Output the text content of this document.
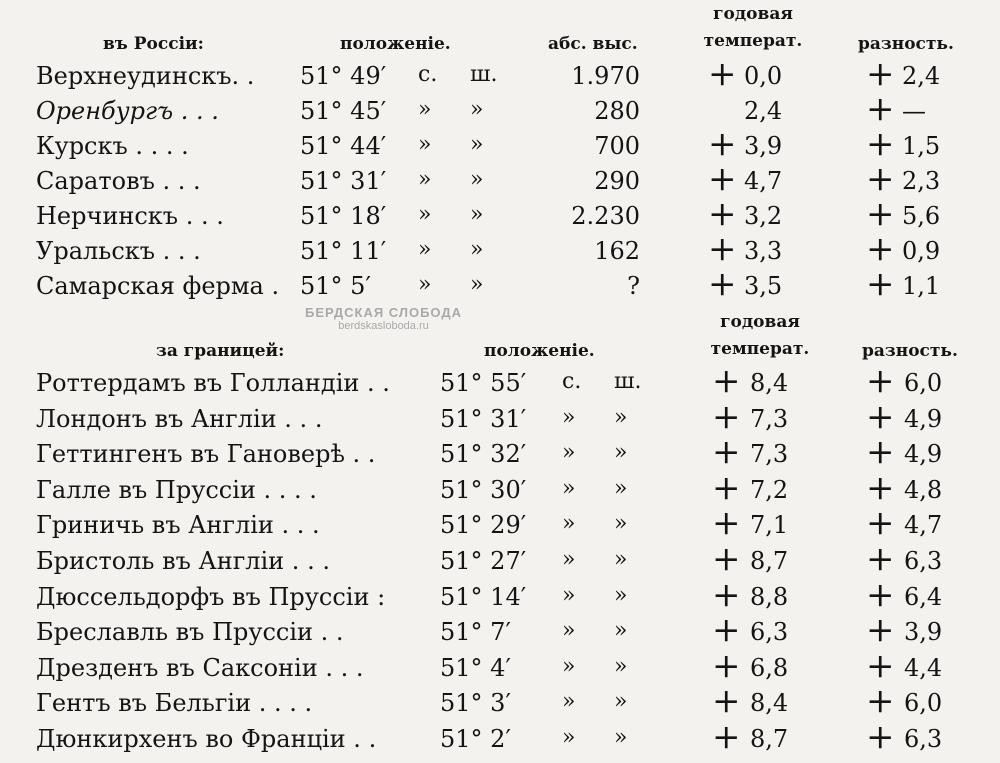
въ Россіи:	положеніе.	абс. выс.
годовая
температ.	разность.
Верхнеудинскъ. . 51° 49′ с. ш.	1.970 + 0,0 + 2,4
Оренбургъ . . .	51° 45′ » »	280	2,4 + —
Курскъ . . . .	51° 44′ » »	700 + 3,9 + 1,5
Саратовъ . . .	51° 31′ » »	290 + 4,7 + 2,3
Нерчинскъ . . .	51° 18′ » »	2.230 + 3,2 + 5,6
Уральскъ . . .	51° 11′ » »	162 + 3,3 + 0,9
Самарская ферма . 51° 5′ » »	? + 3,5 + 1,1
БЕРДСКАЯ СЛОБОДА
berdskasloboda.ru
за границей:	положеніе.
годовая
температ.	разность.
Роттердамъ въ Голландіи . . 51° 55′ с. ш. + 8,4 + 6,0
Лондонъ въ Англіи . . .	51° 31′ » » + 7,3 + 4,9
Геттингенъ въ Гановерѣ . .	51° 32′ » » + 7,3 + 4,9
Галле въ Пруссіи . . . .	51° 30′ » » + 7,2 + 4,8
Гриничь въ Англіи . . .	51° 29′ » » + 7,1 + 4,7
Бристоль въ Англіи . . .	51° 27′ » » + 8,7 + 6,3
Дюссельдорфъ въ Пруссіи : 51° 14′ » » + 8,8 + 6,4
Бреславль въ Пруссіи . .	51° 7′ » » + 6,3 + 3,9
Дрезденъ въ Саксоніи . . .	51° 4′ » » + 6,8 + 4,4
Гентъ въ Бельгіи . . . .	51° 3′ » » + 8,4 + 6,0
Дюнкирхенъ во Франціи . .	51° 2′ » » + 8,7 + 6,3
